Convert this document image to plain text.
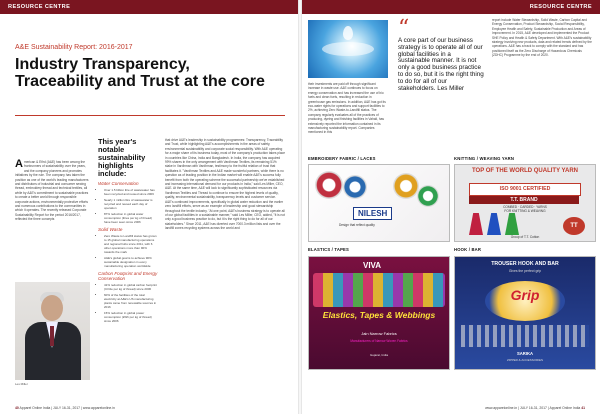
RESOURCE CENTRE
A&E Sustainability Report: 2016-2017
Industry Transparency, Traceability and Trust at the core
A merican & Efird (A&E) has been among the frontrunners of sustainability over the years, and the company pioneers and promotes initiatives by the rule. The company has taken the position as one of the world's leading manufacturers and distributors of industrial and consumer sewing thread, embroidery thread and technical textiles, all while by A&E's commitment to sustainable practices to create a better world through responsible corporate actions, environmentally protective efforts and numerous contributions to the communities in which it operates. The recently released Corporate Sustainability Report for the period 2016/2017, reflected the three concepts
Les Miller
This year's notable sustainability highlights include:
Water Conservation
• Over 1.5 billion litre of wastewater has been recycled and reused since 2006
• Nearly 1 million litre of wastewater is recycled and reused each day of operation
• 87% reduction in global water consumption (litres per kg of thread) have been seen since 2006
Solid Waste
• Zero Waste to Landfill status has grown to 15 global manufacturing operations and regional hubs since 2011, with 6 other operations more than 90% towards the mark
• A&E's global goal is to achieve 90% sustainable designation in every manufacturing operation worldwide
Carbon Footprint and Energy Conservation
• 41% reduction in global carbon footprint (CO2e per kg of thread) since 2006
• 60% of the facilities of the total electricity at A&E's US manufacturing plants came from renewable sources in 2016
• 15% reduction in global power consumption (kWh per kg of thread) since 2006
that drive A&E's leadership in sustainability programmes: Transparency, Traceability and Trust, while highlighting A&E's accomplishments in the areas of safety, environmental sustainability and corporate social responsibility. With A&E operating for a major share of its business today, most of the company's production takes place in countries like China, India and Bangladesh. In India, the company has acquired 99% shares in the only arrangement with Vardhman Textiles, its remaining 51% stake in Vardhman with Vardhman, testimony to the fruitful relation of trust that facilitates it. "Vardhman Textiles and A&E made wonderful partners, while there is no question as of leading position in the Indian market will enable A&E's success fully benefit from both the operating scheme the successful partnership we've established and increasing international demand for our products in India," said Les Miller, CEO, A&E. At the same time, A&E will look to significantly sophisticated resources via Vardhman Textiles and Thread to continue to ensure the highest levels of quality, quality, environmental sustainability, transparency levels and customer service. A&E's continued improvements, specifically in global water reduction and the earlier zero landfill efforts, serve as an example of leadership and good stewardship throughout the textile industry. "At one point, A&E's business strategy is to operate all of our global facilities in a sustainable manner," said Les Miller, CEO, added, "It is not only a good business practice to do, but it is the right thing to do for all of our stakeholders." Since 2011, A&E has diverted over 7000.3 million lists and over the landfill zones recycling systems across the world and
40 Apparel Online India | JULY 16-31, 2017 | www.apparelonline.in
RESOURCE CENTRE
their investments are paid off through significant increase in waste use. A&E continues to focus on energy conservation and has increased the use of bio fuels and clean fuels, resulting in reduction in greenhouse gas emissions. In addition, A&E has got its eco-water rights for operations and support facilities to 2%, achieving Zero Waste-to-Landfill status. The company regularly evaluates all of the practices of producing, dyeing and finishing facilities in Vahali, has extensively reported the information contained in its manufacturing sustainability report. Companies mentioned in this
“
A core part of our business strategy is to operate all of our global facilities in a sustainable manner. It is not only a good business practice to do so, but it is the right thing to do for all of our stakeholders. Les Miller
report include Water Stewardship, Solid Waste, Carbon Capital and Energy Conservation, Product Stewardship, Social Responsibility, Employee Health and Safety, Sustainable Production and Areas of Improvement. In 2015, A&E developed and implemented the Product SHE Policy and Health & Safety Department. With A&E's sustainability strategy involving new products, data and related trends defined by the operations. A&E has a track to comply with the standard and has positioned itself as the Zero Discharge of Hazardous Chemicals (ZDHC) Programme by the end of 2020.
EMBROIDERY FABRIC / LACES	KNITTING / WEAVING YARN
NILESH
Design that reflect quality
TOP OF THE WORLD QUALITY YARN
ISO 9001 CERTIFIED
T.T. BRAND
COMBED · CARDED · YARNS
FOR KNITTING & WEAVING
Group of T.T. Cotton
TT
ELASTICS / TAPES	HOOK / BAR
VIVA
Elastics, Tapes & Webbings
Jain Narrow Fabrics
Manufacturers of Narrow Woven Fabrics
Gujarat, India
TROUSER HOOK AND BAR
Gives the perfect grip
Grip
SARIKA
ZIPPER & ACCESSORIES
www.apparelonline.in | JULY 16-31, 2017 | Apparel Online India 41
